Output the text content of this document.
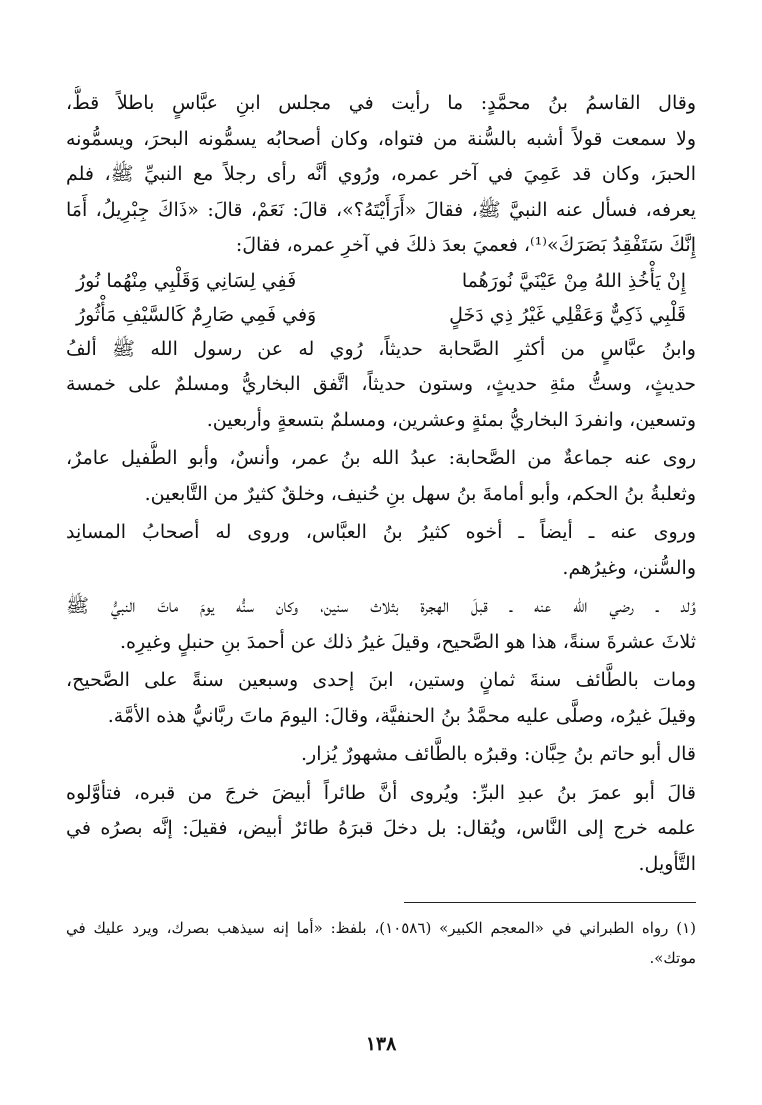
وقال القاسمُ بنُ محمَّدٍ: ما رأيت في مجلس ابنِ عبَّاسٍ باطلاً قطُّ،
ولا سمعت قولاً أشبه بالسُّنة من فتواه، وكان أصحابُه يسمُّونه البحرَ، ويسمُّونه
الحبرَ، وكان قد عَمِيَ في آخر عمره، ورُوي أنَّه رأى رجلاً مع النبيِّ ﷺ، فلم
يعرفه، فسأل عنه النبيَّ ﷺ، فقالَ «أَرَأَيْتَهُ؟»، قالَ: نَعَمْ، قالَ: «ذَاكَ جِبْرِيلُ، أَمَا
إِنَّكَ سَتَفْقِدُ بَصَرَكَ»⁽¹⁾، فعميَ بعدَ ذلكَ في آخرِ عمره، فقالَ:
إِنْ يَأْخُذِ اللهُ مِنْ عَيْنَيَّ نُورَهُما
فَفِي لِسَانِي وَقَلْبِي مِنْهُما نُورُ
قَلْبِي ذَكِيٌّ وَعَقْلِي غَيْرُ ذِي دَخَلٍ
وَفي فَمِي صَارِمٌ كَالسَّيْفِ مَأْثُورُ
وابنُ عبَّاسٍ من أكثرِ الصَّحابة حديثاً، رُوي له عن رسول الله ﷺ ألفُ
حديثٍ، وستُّ مئةِ حديثٍ، وستون حديثاً، اتَّفق البخاريُّ ومسلمٌ على خمسة
وتسعين، وانفردَ البخاريُّ بمئةٍ وعشرين، ومسلمٌ بتسعةٍ وأربعين.
روى عنه جماعةٌ من الصَّحابة: عبدُ الله بنُ عمر، وأنسٌ، وأبو الطُّفيل عامرٌ،
وثعلبةُ بنُ الحكم، وأبو أمامةَ بنُ سهل بنِ حُنيف، وخلقٌ كثيرٌ من التَّابعين.
وروى عنه ـ أيضاً ـ أخوه كثيرُ بنُ العبَّاس، وروى له أصحابُ المسانِد
والسُّنن، وغيرُهم.
وُلد ـ رضي الله عنه ـ قبلَ الهجرة بثلاث سنين، وكان سنُّه يومَ ماتَ النبيُّ ﷺ
ثلاثَ عشرةَ سنةً، هذا هو الصَّحيح، وقيلَ غيرُ ذلك عن أحمدَ بنِ حنبلٍ وغيرِه.
ومات بالطَّائف سنةَ ثمانٍ وستين، ابنَ إحدى وسبعين سنةً على الصَّحيح،
وقيلَ غيرُه، وصلَّى عليه محمَّدُ بنُ الحنفيَّة، وقالَ: اليومَ ماتَ ربَّانيُّ هذه الأمَّة.
قال أبو حاتم بنُ حِبَّان: وقبرُه بالطَّائف مشهورٌ يُزار.
قالَ أبو عمرَ بنُ عبدِ البرِّ: ويُروى أنَّ طائراً أبيضَ خرجَ من قبره، فتأوَّلوه
علمه خرج إلى النَّاس، ويُقال: بل دخلَ قبرَهُ طائرٌ أبيض، فقيلَ: إنَّه بصرُه في
التَّأويل.
(١) رواه الطبراني في «المعجم الكبير» (١٠٥٨٦)، بلفظ: «أما إنه سيذهب بصرك، ويرد عليك في
موتك».
١٣٨
